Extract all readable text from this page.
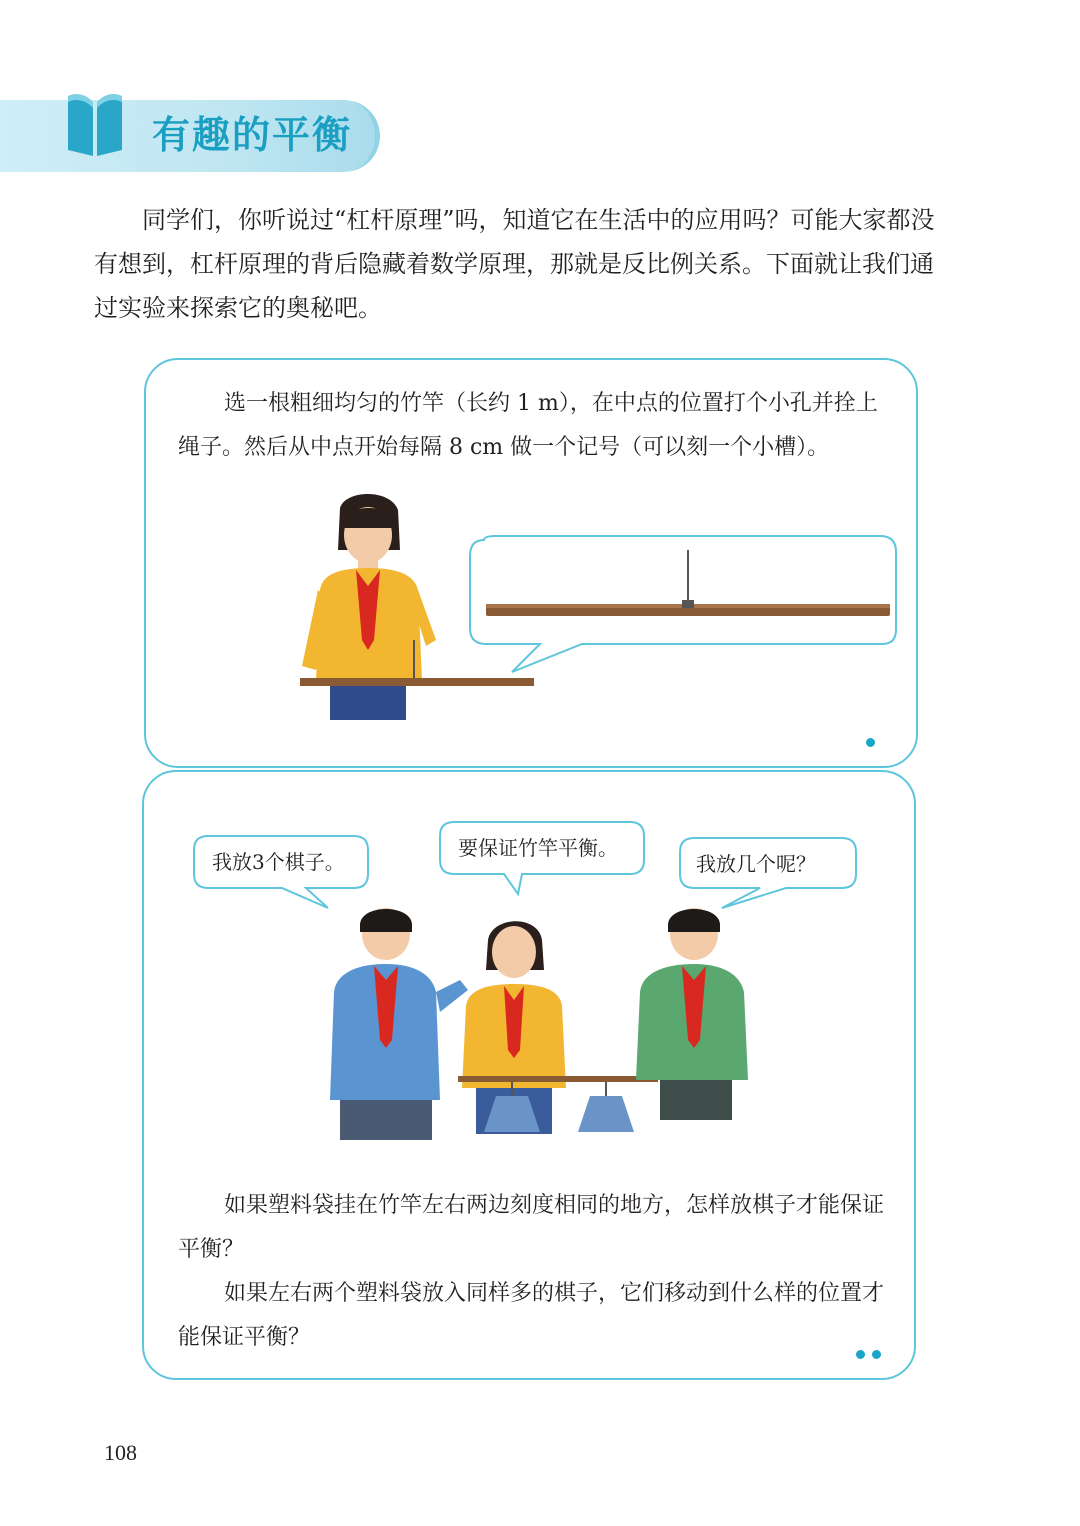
有趣的平衡

同学们，你听说过“杠杆原理”吗，知道它在生活中的应用吗？可能大家都没有想到，杠杆原理的背后隐藏着数学原理，那就是反比例关系。下面就让我们通过实验来探索它的奥秘吧。

选一根粗细均匀的竹竿（长约 1 m），在中点的位置打个小孔并拴上绳子。然后从中点开始每隔 8 cm 做一个记号（可以刻一个小槽）。

我放3个棋子。
要保证竹竿平衡。
我放几个呢？

如果塑料袋挂在竹竿左右两边刻度相同的地方，怎样放棋子才能保证平衡？

如果左右两个塑料袋放入同样多的棋子，它们移动到什么样的位置才能保证平衡？

108
